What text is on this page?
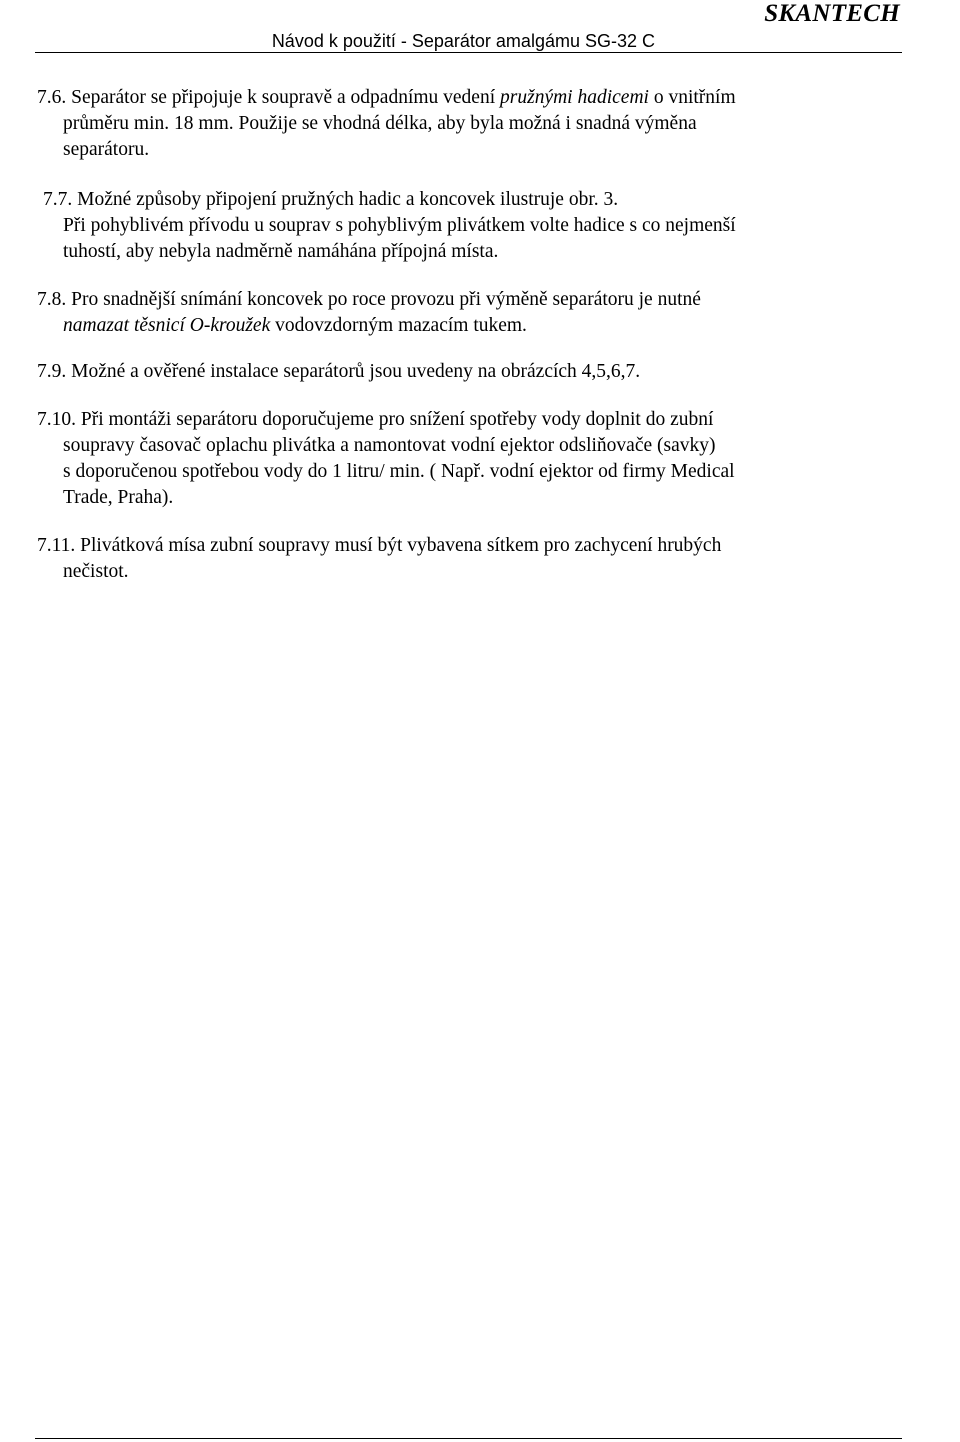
SKANTECH
Návod k použití - Separátor amalgámu SG-32 C

7.6. Separátor se připojuje k soupravě a odpadnímu vedení pružnými hadicemi o vnitřním
průměru min. 18 mm. Použije se vhodná délka, aby byla možná i snadná výměna
separátoru.

7.7. Možné způsoby připojení pružných hadic a koncovek ilustruje obr. 3.
Při pohyblivém přívodu u souprav s pohyblivým plivátkem volte hadice s co nejmenší
tuhostí, aby nebyla nadměrně namáhána přípojná místa.

7.8. Pro snadnější snímání koncovek po roce provozu při výměně separátoru je nutné
namazat těsnicí O-kroužek vodovzdorným mazacím tukem.

7.9. Možné a ověřené instalace separátorů jsou uvedeny na obrázcích 4,5,6,7.

7.10. Při montáži separátoru doporučujeme pro snížení spotřeby vody doplnit do zubní
soupravy časovač oplachu plivátka a namontovat vodní ejektor odsliňovače (savky)
s doporučenou spotřebou vody do 1 litru/ min. ( Např. vodní ejektor od firmy Medical
Trade, Praha).

7.11. Plivátková mísa zubní soupravy musí být vybavena sítkem pro zachycení hrubých
nečistot.
